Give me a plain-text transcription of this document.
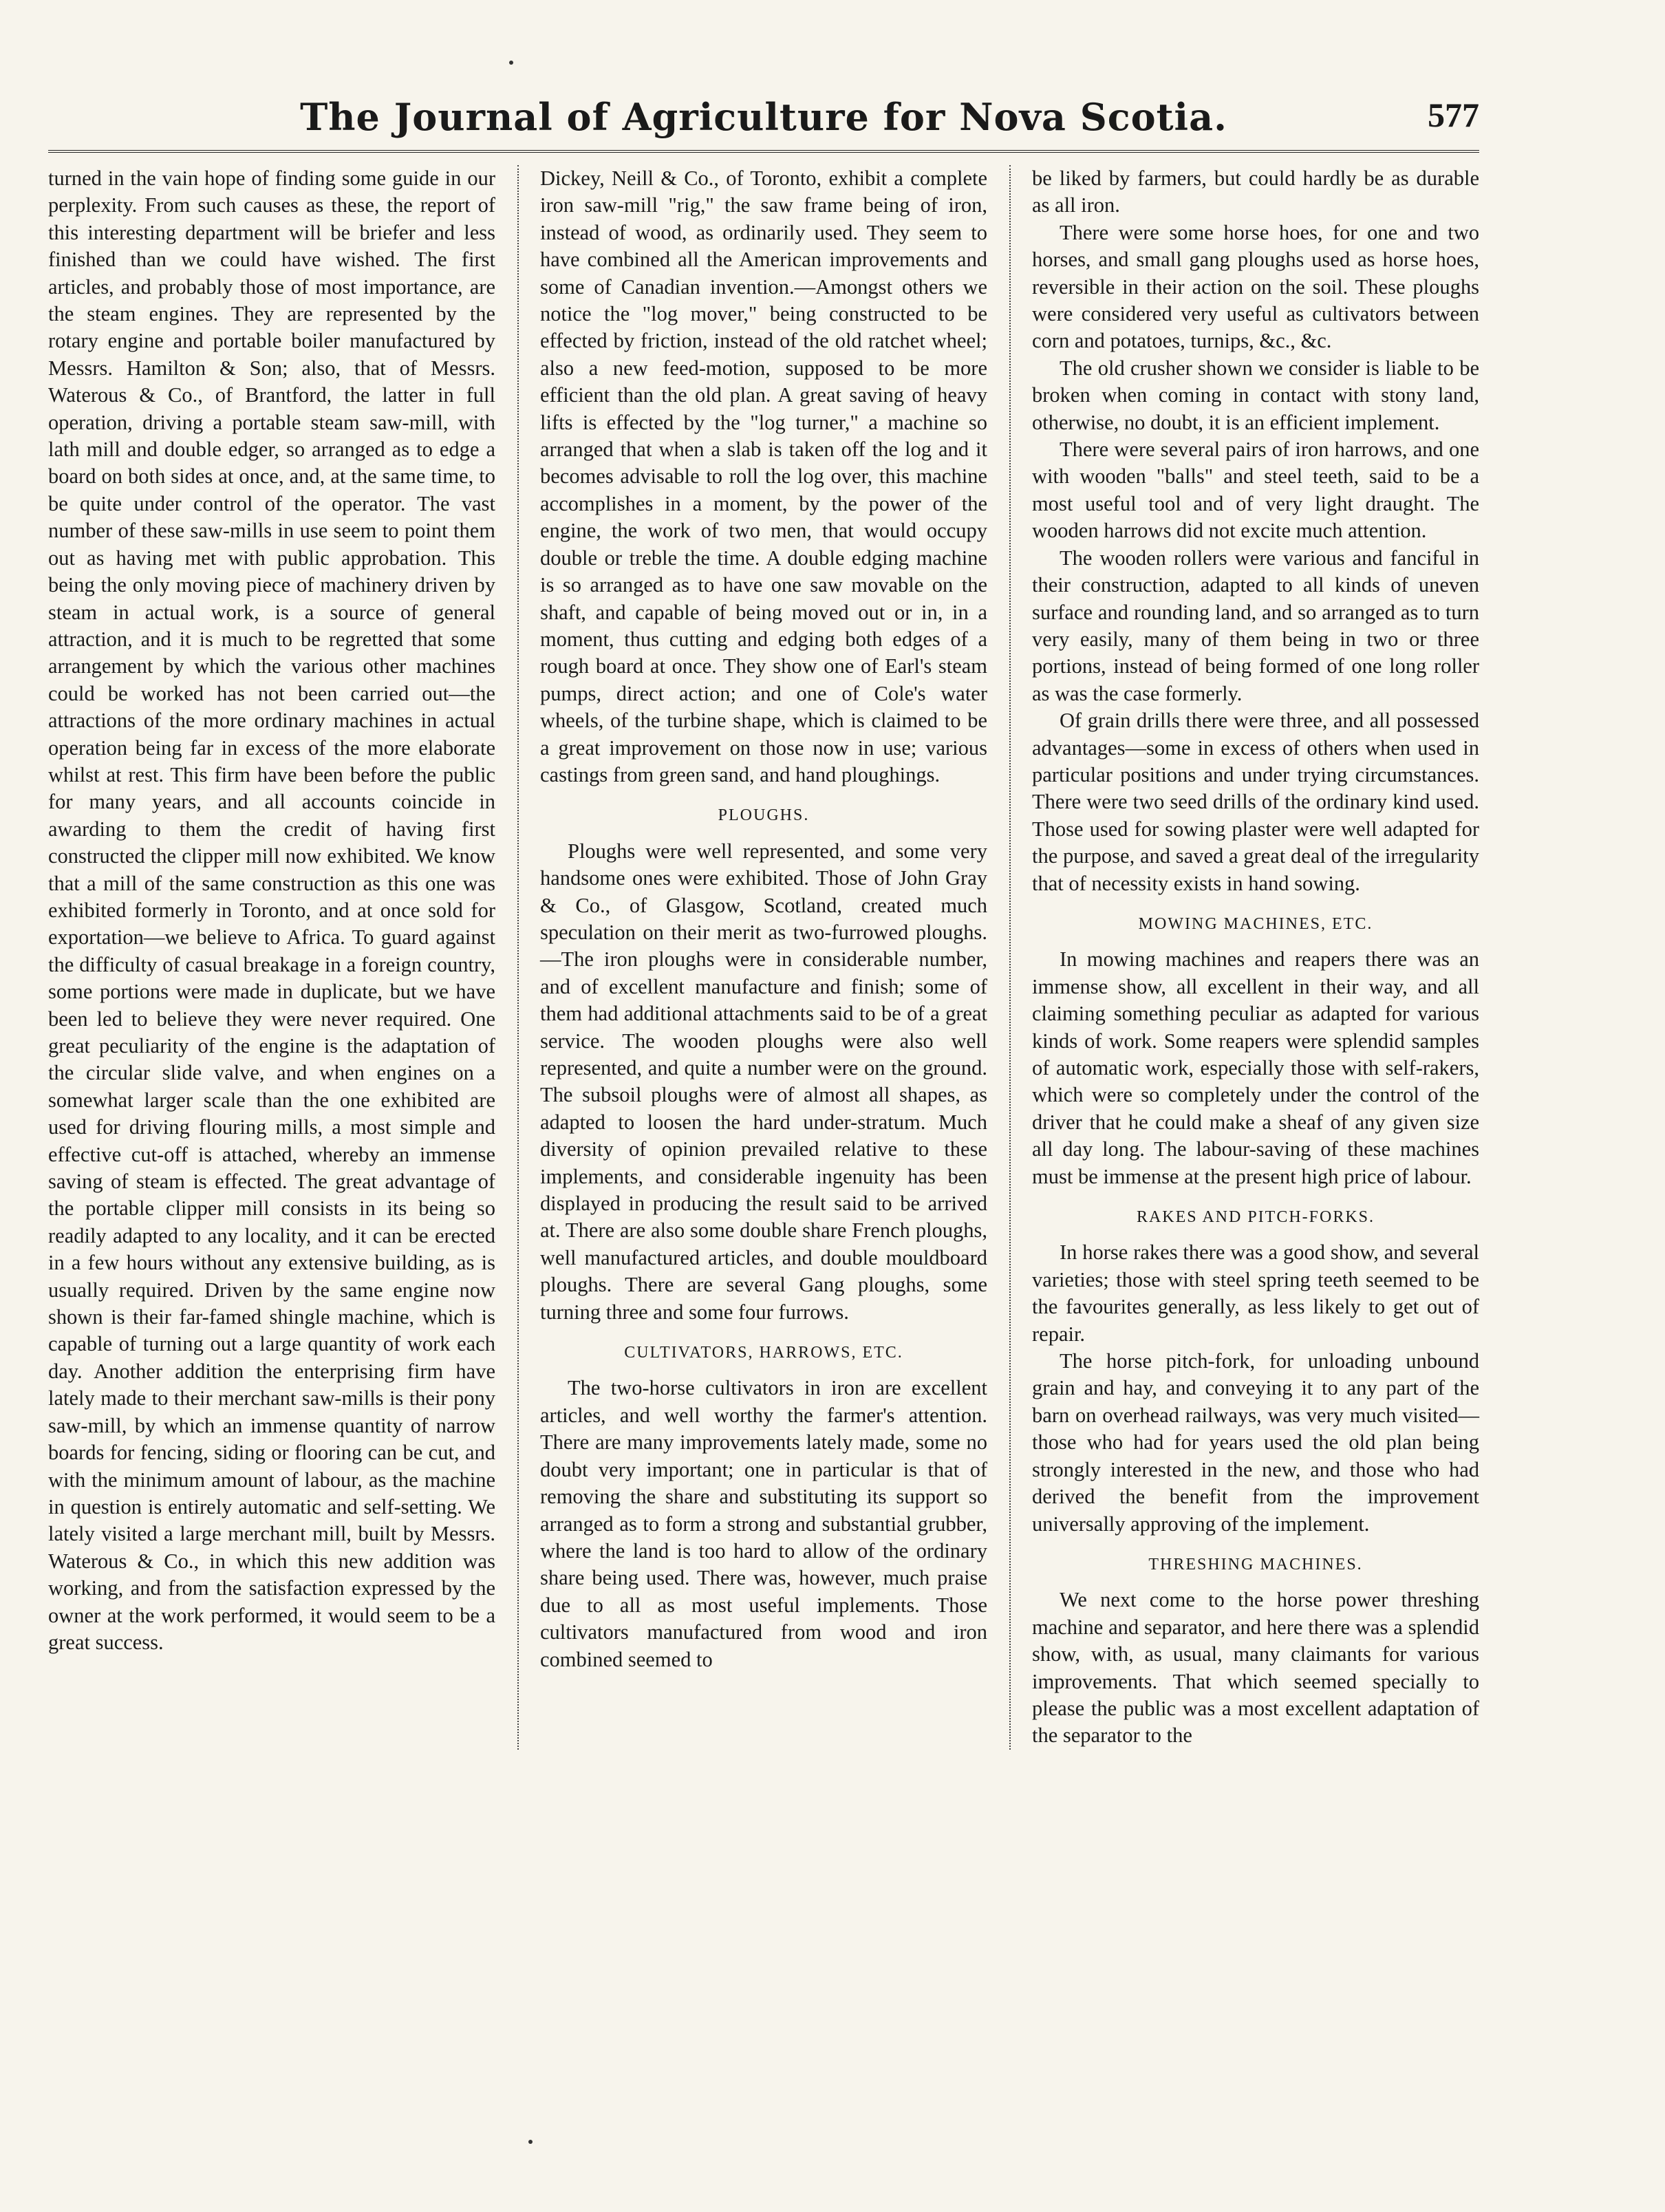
The Journal of Agriculture for Nova Scotia.	577

turned in the vain hope of finding some guide in our perplexity. From such causes as these, the report of this interesting department will be briefer and less finished than we could have wished. The first articles, and probably those of most importance, are the steam engines. They are represented by the rotary engine and portable boiler manufactured by Messrs. Hamilton & Son; also, that of Messrs. Waterous & Co., of Brantford, the latter in full operation, driving a portable steam saw-mill, with lath mill and double edger, so arranged as to edge a board on both sides at once, and, at the same time, to be quite under control of the operator. The vast number of these saw-mills in use seem to point them out as having met with public approbation. This being the only moving piece of machinery driven by steam in actual work, is a source of general attraction, and it is much to be regretted that some arrangement by which the various other machines could be worked has not been carried out—the attractions of the more ordinary machines in actual operation being far in excess of the more elaborate whilst at rest. This firm have been before the public for many years, and all accounts coincide in awarding to them the credit of having first constructed the clipper mill now exhibited. We know that a mill of the same construction as this one was exhibited formerly in Toronto, and at once sold for exportation—we believe to Africa. To guard against the difficulty of casual breakage in a foreign country, some portions were made in duplicate, but we have been led to believe they were never required. One great peculiarity of the engine is the adaptation of the circular slide valve, and when engines on a somewhat larger scale than the one exhibited are used for driving flouring mills, a most simple and effective cut-off is attached, whereby an immense saving of steam is effected. The great advantage of the portable clipper mill consists in its being so readily adapted to any locality, and it can be erected in a few hours without any extensive building, as is usually required. Driven by the same engine now shown is their far-famed shingle machine, which is capable of turning out a large quantity of work each day. Another addition the enterprising firm have lately made to their merchant saw-mills is their pony saw-mill, by which an immense quantity of narrow boards for fencing, siding or flooring can be cut, and with the minimum amount of labour, as the machine in question is entirely automatic and self-setting. We lately visited a large merchant mill, built by Messrs. Waterous & Co., in which this new addition was working, and from the satisfaction expressed by the owner at the work performed, it would seem to be a great success.

Dickey, Neill & Co., of Toronto, exhibit a complete iron saw-mill "rig," the saw frame being of iron, instead of wood, as ordinarily used. They seem to have combined all the American improvements and some of Canadian invention.—Amongst others we notice the "log mover," being constructed to be effected by friction, instead of the old ratchet wheel; also a new feed-motion, supposed to be more efficient than the old plan. A great saving of heavy lifts is effected by the "log turner," a machine so arranged that when a slab is taken off the log and it becomes advisable to roll the log over, this machine accomplishes in a moment, by the power of the engine, the work of two men, that would occupy double or treble the time. A double edging machine is so arranged as to have one saw movable on the shaft, and capable of being moved out or in, in a moment, thus cutting and edging both edges of a rough board at once. They show one of Earl's steam pumps, direct action; and one of Cole's water wheels, of the turbine shape, which is claimed to be a great improvement on those now in use; various castings from green sand, and hand ploughings.

PLOUGHS.

Ploughs were well represented, and some very handsome ones were exhibited. Those of John Gray & Co., of Glasgow, Scotland, created much speculation on their merit as two-furrowed ploughs.—The iron ploughs were in considerable number, and of excellent manufacture and finish; some of them had additional attachments said to be of a great service. The wooden ploughs were also well represented, and quite a number were on the ground. The subsoil ploughs were of almost all shapes, as adapted to loosen the hard under-stratum. Much diversity of opinion prevailed relative to these implements, and considerable ingenuity has been displayed in producing the result said to be arrived at. There are also some double share French ploughs, well manufactured articles, and double mouldboard ploughs. There are several Gang ploughs, some turning three and some four furrows.

CULTIVATORS, HARROWS, ETC.

The two-horse cultivators in iron are excellent articles, and well worthy the farmer's attention. There are many improvements lately made, some no doubt very important; one in particular is that of removing the share and substituting its support so arranged as to form a strong and substantial grubber, where the land is too hard to allow of the ordinary share being used. There was, however, much praise due to all as most useful implements. Those cultivators manufactured from wood and iron combined seemed to

be liked by farmers, but could hardly be as durable as all iron.

There were some horse hoes, for one and two horses, and small gang ploughs used as horse hoes, reversible in their action on the soil. These ploughs were considered very useful as cultivators between corn and potatoes, turnips, &c., &c.

The old crusher shown we consider is liable to be broken when coming in contact with stony land, otherwise, no doubt, it is an efficient implement.

There were several pairs of iron harrows, and one with wooden "balls" and steel teeth, said to be a most useful tool and of very light draught. The wooden harrows did not excite much attention.

The wooden rollers were various and fanciful in their construction, adapted to all kinds of uneven surface and rounding land, and so arranged as to turn very easily, many of them being in two or three portions, instead of being formed of one long roller as was the case formerly.

Of grain drills there were three, and all possessed advantages—some in excess of others when used in particular positions and under trying circumstances. There were two seed drills of the ordinary kind used. Those used for sowing plaster were well adapted for the purpose, and saved a great deal of the irregularity that of necessity exists in hand sowing.

MOWING MACHINES, ETC.

In mowing machines and reapers there was an immense show, all excellent in their way, and all claiming something peculiar as adapted for various kinds of work. Some reapers were splendid samples of automatic work, especially those with self-rakers, which were so completely under the control of the driver that he could make a sheaf of any given size all day long. The labour-saving of these machines must be immense at the present high price of labour.

RAKES AND PITCH-FORKS.

In horse rakes there was a good show, and several varieties; those with steel spring teeth seemed to be the favourites generally, as less likely to get out of repair.

The horse pitch-fork, for unloading unbound grain and hay, and conveying it to any part of the barn on overhead railways, was very much visited—those who had for years used the old plan being strongly interested in the new, and those who had derived the benefit from the improvement universally approving of the implement.

THRESHING MACHINES.

We next come to the horse power threshing machine and separator, and here there was a splendid show, with, as usual, many claimants for various improvements. That which seemed specially to please the public was a most excellent adaptation of the separator to the
